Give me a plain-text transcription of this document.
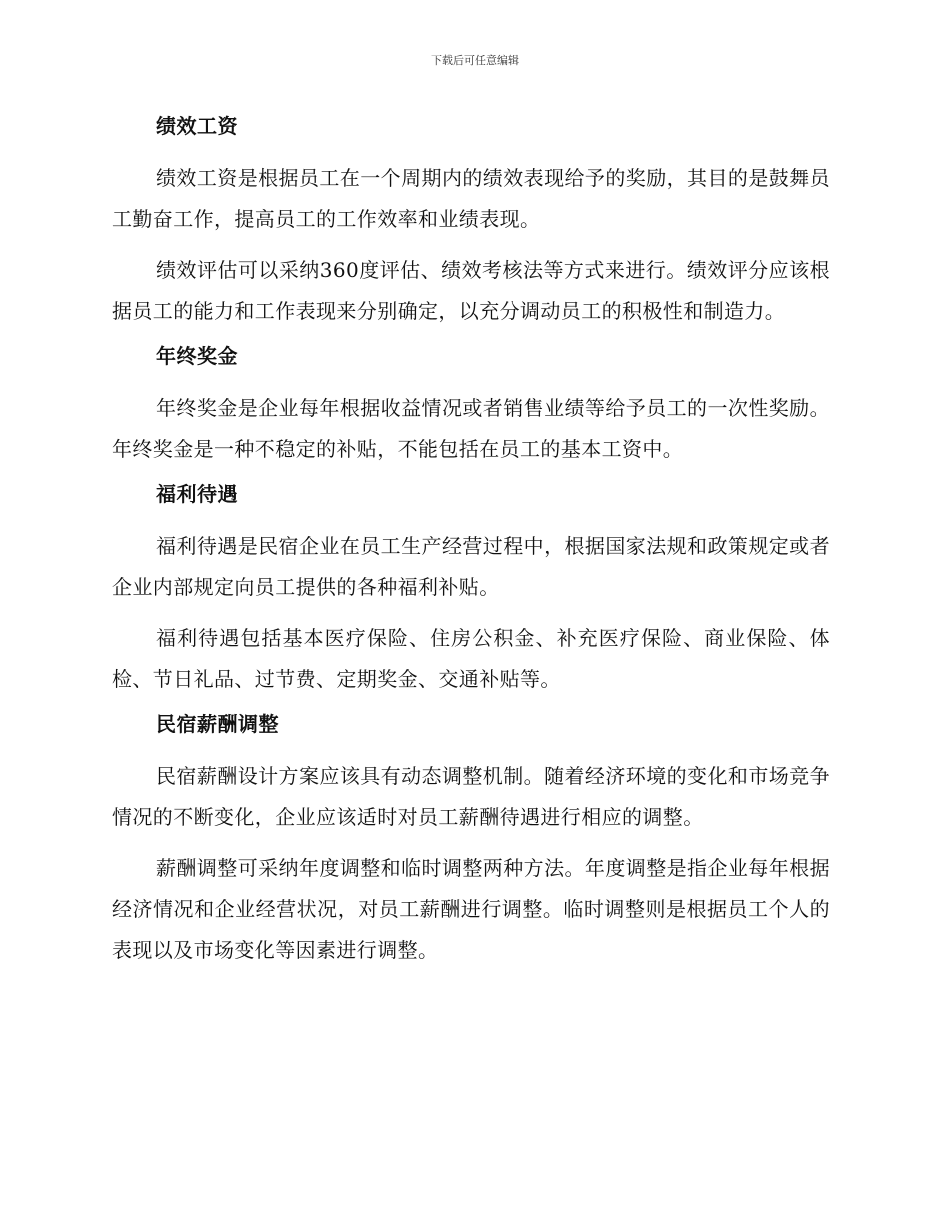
下载后可任意编辑
绩效工资

绩效工资是根据员工在一个周期内的绩效表现给予的奖励，其目的是鼓舞员工勤奋工作，提高员工的工作效率和业绩表现。

绩效评估可以采纳360度评估、绩效考核法等方式来进行。绩效评分应该根据员工的能力和工作表现来分别确定，以充分调动员工的积极性和制造力。

年终奖金

年终奖金是企业每年根据收益情况或者销售业绩等给予员工的一次性奖励。年终奖金是一种不稳定的补贴，不能包括在员工的基本工资中。

福利待遇

福利待遇是民宿企业在员工生产经营过程中，根据国家法规和政策规定或者企业内部规定向员工提供的各种福利补贴。

福利待遇包括基本医疗保险、住房公积金、补充医疗保险、商业保险、体检、节日礼品、过节费、定期奖金、交通补贴等。

民宿薪酬调整

民宿薪酬设计方案应该具有动态调整机制。随着经济环境的变化和市场竞争情况的不断变化，企业应该适时对员工薪酬待遇进行相应的调整。

薪酬调整可采纳年度调整和临时调整两种方法。年度调整是指企业每年根据经济情况和企业经营状况，对员工薪酬进行调整。临时调整则是根据员工个人的表现以及市场变化等因素进行调整。
